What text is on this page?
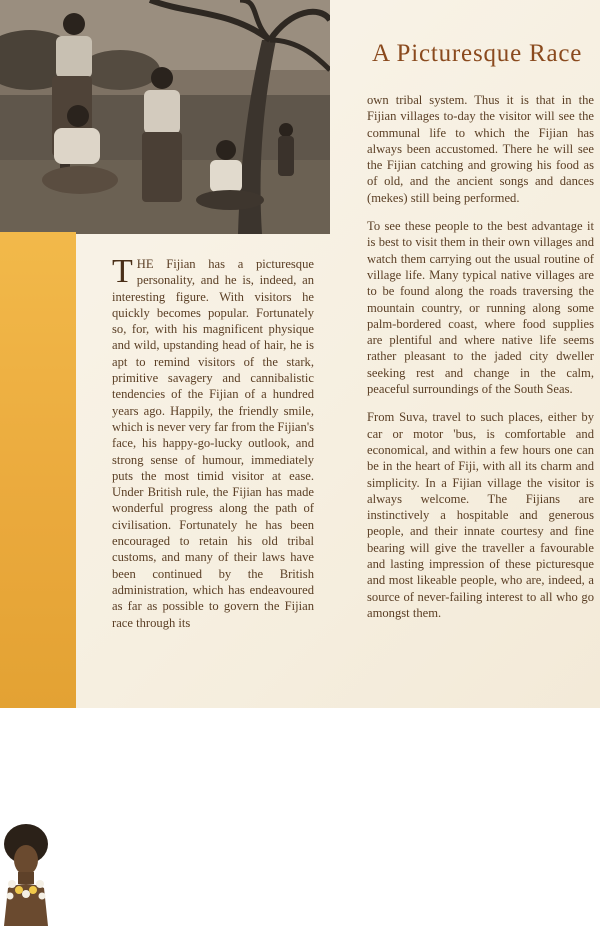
A Picturesque Race

THE Fijian has a picturesque personality, and he is, indeed, an interesting figure. With visitors he quickly becomes popular. Fortunately so, for, with his magnificent physique and wild, upstanding head of hair, he is apt to remind visitors of the stark, primitive savagery and cannibalistic tendencies of the Fijian of a hundred years ago. Happily, the friendly smile, which is never very far from the Fijian's face, his happy-go-lucky outlook, and strong sense of humour, immediately puts the most timid visitor at ease. Under British rule, the Fijian has made wonderful progress along the path of civilisation. Fortunately he has been encouraged to retain his old tribal customs, and many of their laws have been continued by the British administration, which has endeavoured as far as possible to govern the Fijian race through its

own tribal system. Thus it is that in the Fijian villages to-day the visitor will see the communal life to which the Fijian has always been accustomed. There he will see the Fijian catching and growing his food as of old, and the ancient songs and dances (mekes) still being performed.

To see these people to the best advantage it is best to visit them in their own villages and watch them carrying out the usual routine of village life. Many typical native villages are to be found along the roads traversing the mountain country, or running along some palm-bordered coast, where food supplies are plentiful and where native life seems rather pleasant to the jaded city dweller seeking rest and change in the calm, peaceful surroundings of the South Seas.

From Suva, travel to such places, either by car or motor 'bus, is comfortable and economical, and within a few hours one can be in the heart of Fiji, with all its charm and simplicity. In a Fijian village the visitor is always welcome. The Fijians are instinctively a hospitable and generous people, and their innate courtesy and fine bearing will give the traveller a favourable and lasting impression of these picturesque and most likeable people, who are, indeed, a source of never-failing interest to all who go amongst them.
